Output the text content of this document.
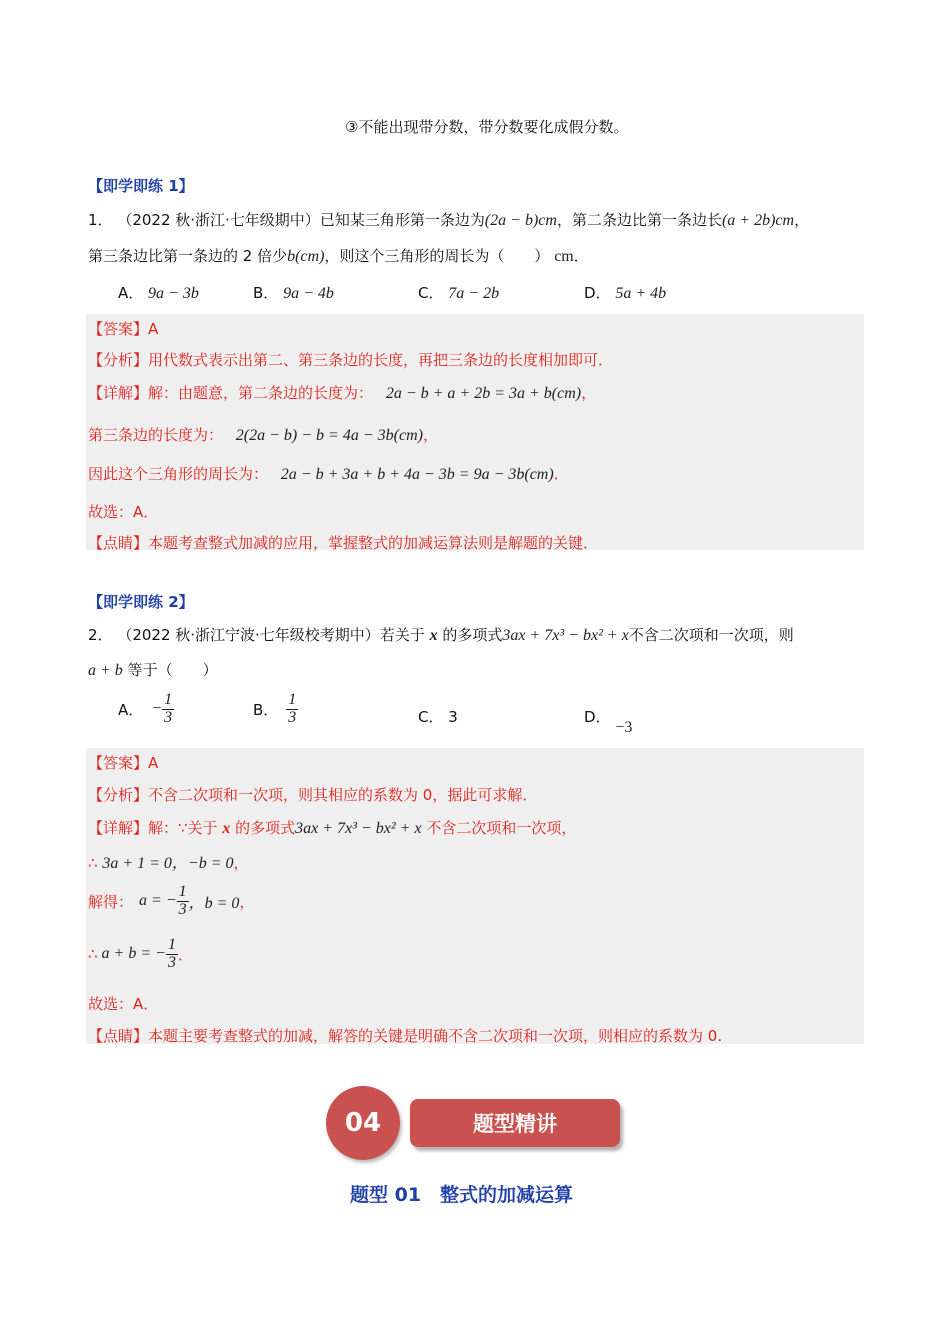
③不能出现带分数，带分数要化成假分数。
【即学即练 1】
1． （2022 秋·浙江·七年级期中）已知某三角形第一条边为(2a − b)cm，第二条边比第一条边长(a + 2b)cm，
第三条边比第一条边的 2 倍少b(cm)，则这个三角形的周长为（　　） cm．
A． 9a − 3b	B． 9a − 4b	C． 7a − 2b	D． 5a + 4b
【答案】A
【分析】用代数式表示出第二、第三条边的长度，再把三条边的长度相加即可．
【详解】解：由题意，第二条边的长度为： 2a − b + a + 2b = 3a + b(cm)，
第三条边的长度为： 2(2a − b) − b = 4a − 3b(cm)，
因此这个三角形的周长为： 2a − b + 3a + b + 4a − 3b = 9a − 3b(cm)．
故选：A．
【点睛】本题考查整式加减的应用，掌握整式的加减运算法则是解题的关键．
【即学即练 2】
2． （2022 秋·浙江宁波·七年级校考期中）若关于 x 的多项式3ax + 7x³ − bx² + x不含二次项和一次项，则
a + b 等于（　　）
A． − $\frac{1}{3}$	B． $\frac{1}{3}$	C． 3	D． −3
【答案】A
【分析】不含二次项和一次项，则其相应的系数为 0，据此可求解．
【详解】解：∵关于 x 的多项式3ax + 7x³ − bx² + x 不含二次项和一次项，
∴ 3a + 1 = 0，−b = 0，
解得： a = − $\frac{1}{3}$ ，b = 0 ，
∴ a + b = − $\frac{1}{3}$ ．
故选：A．
【点睛】本题主要考查整式的加减，解答的关键是明确不含二次项和一次项，则相应的系数为 0.
04	题型精讲
题型 01　整式的加减运算
